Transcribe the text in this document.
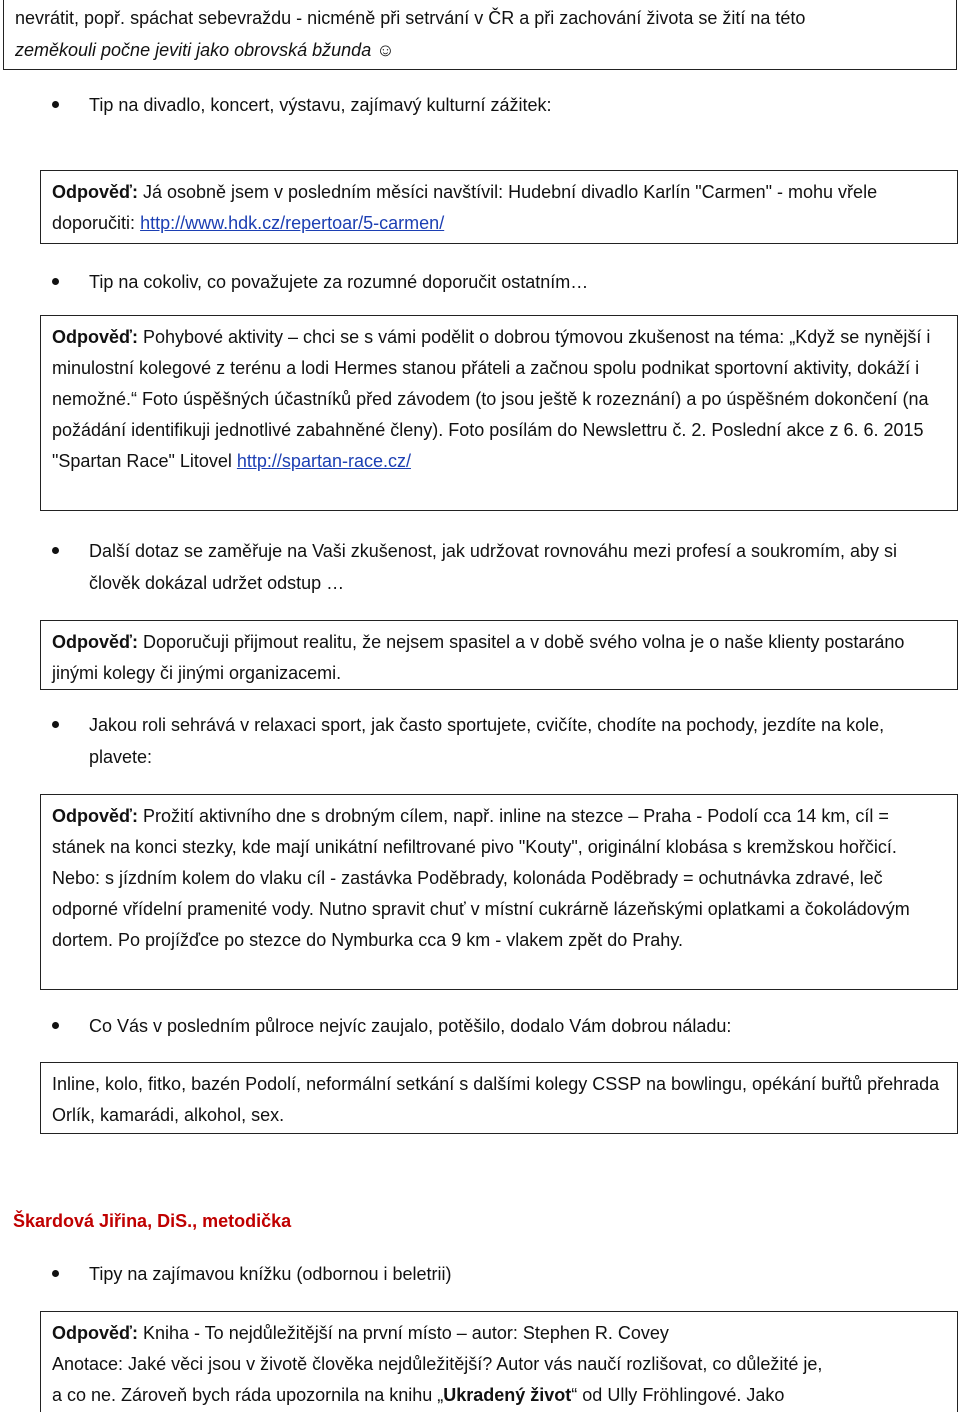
nevrátit, popř. spáchat sebevraždu - nicméně při setrvání v ČR a při zachování života se žití na této
zeměkouli počne jeviti jako obrovská bžunda ☺
Tip na divadlo, koncert, výstavu, zajímavý kulturní zážitek:
Odpověď: Já osobně jsem v posledním měsíci navštívil: Hudební divadlo Karlín "Carmen" - mohu vřele doporučiti: http://www.hdk.cz/repertoar/5-carmen/
Tip na cokoliv, co považujete za rozumné doporučit ostatním…
Odpověď: Pohybové aktivity – chci se s vámi podělit o dobrou týmovou zkušenost na téma: „Když se nynější i minulostní kolegové z terénu a lodi Hermes stanou přáteli a začnou spolu podnikat sportovní aktivity, dokáží i nemožné.“ Foto úspěšných účastníků před závodem (to jsou ještě k rozeznání) a po úspěšném dokončení (na požádání identifikuji jednotlivé zabahněné členy). Foto posílám do Newslettru č. 2. Poslední akce z 6. 6. 2015 "Spartan Race" Litovel http://spartan-race.cz/
Další dotaz se zaměřuje na Vaši zkušenost, jak udržovat rovnováhu mezi profesí a soukromím, aby si člověk dokázal udržet odstup …
Odpověď: Doporučuji přijmout realitu, že nejsem spasitel a v době svého volna je o naše klienty postaráno jinými kolegy či jinými organizacemi.
Jakou roli sehrává v relaxaci sport, jak často sportujete, cvičíte, chodíte na pochody, jezdíte na kole, plavete:
Odpověď: Prožití aktivního dne s drobným cílem, např. inline na stezce – Praha - Podolí cca 14 km, cíl = stánek na konci stezky, kde mají unikátní nefiltrované pivo "Kouty", originální klobása s kremžskou hořčicí. Nebo: s jízdním kolem do vlaku cíl - zastávka Poděbrady, kolonáda Poděbrady = ochutnávka zdravé, leč odporné vřídelní pramenité vody. Nutno spravit chuť v místní cukrárně lázeňskými oplatkami a čokoládovým dortem. Po projížďce po stezce do Nymburka cca 9 km - vlakem zpět do Prahy.
Co Vás v posledním půlroce nejvíc zaujalo, potěšilo, dodalo Vám dobrou náladu:
Inline, kolo, fitko, bazén Podolí, neformální setkání s dalšími kolegy CSSP na bowlingu, opékání buřtů přehrada Orlík, kamarádi, alkohol, sex.
Škardová Jiřina, DiS., metodička
Tipy na zajímavou knížku (odbornou i beletrii)
Odpověď: Kniha - To nejdůležitější na první místo – autor: Stephen R. Covey
Anotace: Jaké věci jsou v životě člověka nejdůležitější? Autor vás naučí rozlišovat, co důležité je,
a co ne. Zároveň bych ráda upozornila na knihu „Ukradený život“ od Ully Fröhlingové. Jako
